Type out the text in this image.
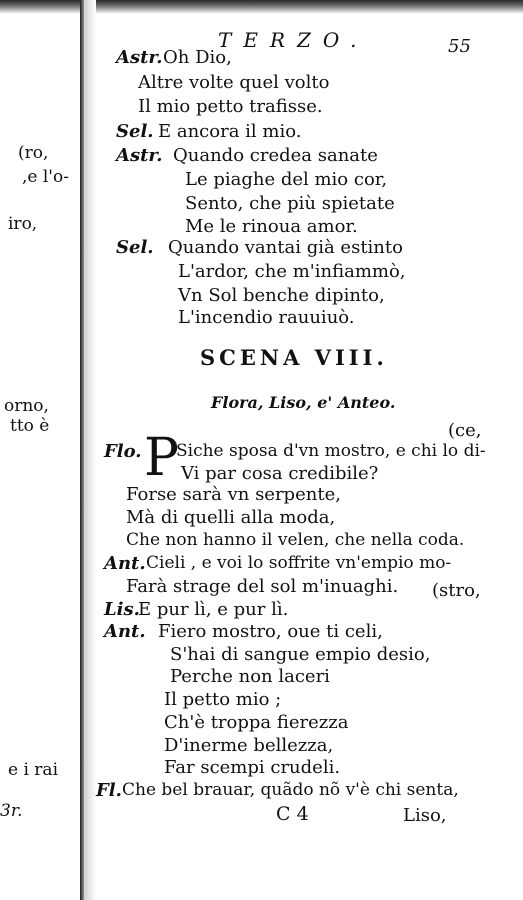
(ro,
,e l'o-
iro,
orno,
tto è
e i rai
3r.
TERZO.	55
Astr. Oh Dio,
Altre volte quel volto
Il mio petto trafisse.
Sel. E ancora il mio.
Astr. Quando credea sanate
Le piaghe del mio cor,
Sento, che più spietate
Me le rinoua amor.
Sel. Quando vantai già estinto
L'ardor, che m'infiammò,
Vn Sol benche dipinto,
L'incendio rauuiuò.
SCENA VIII.
Flora, Liso, e' Anteo.
(ce,
Flo. P
Siche sposa d'vn mostro, e chi lo di-
Vi par cosa credibile?
Forse sarà vn serpente,
Mà di quelli alla moda,
Che non hanno il velen, che nella coda.
Ant. Cieli , e voi lo soffrite vn'empio mo-
Farà strage del sol m'inuaghi. (stro,
Lis.
E pur lì, e pur lì.
Ant. Fiero mostro, oue ti celi,
S'hai di sangue empio desio,
Perche non laceri
Il petto mio ;
Ch'è troppa fierezza
D'inerme bellezza,
Far scempi crudeli.
Fl. Che bel brauar, quãdo nõ v'è chi senta,
C 4	Liso,
